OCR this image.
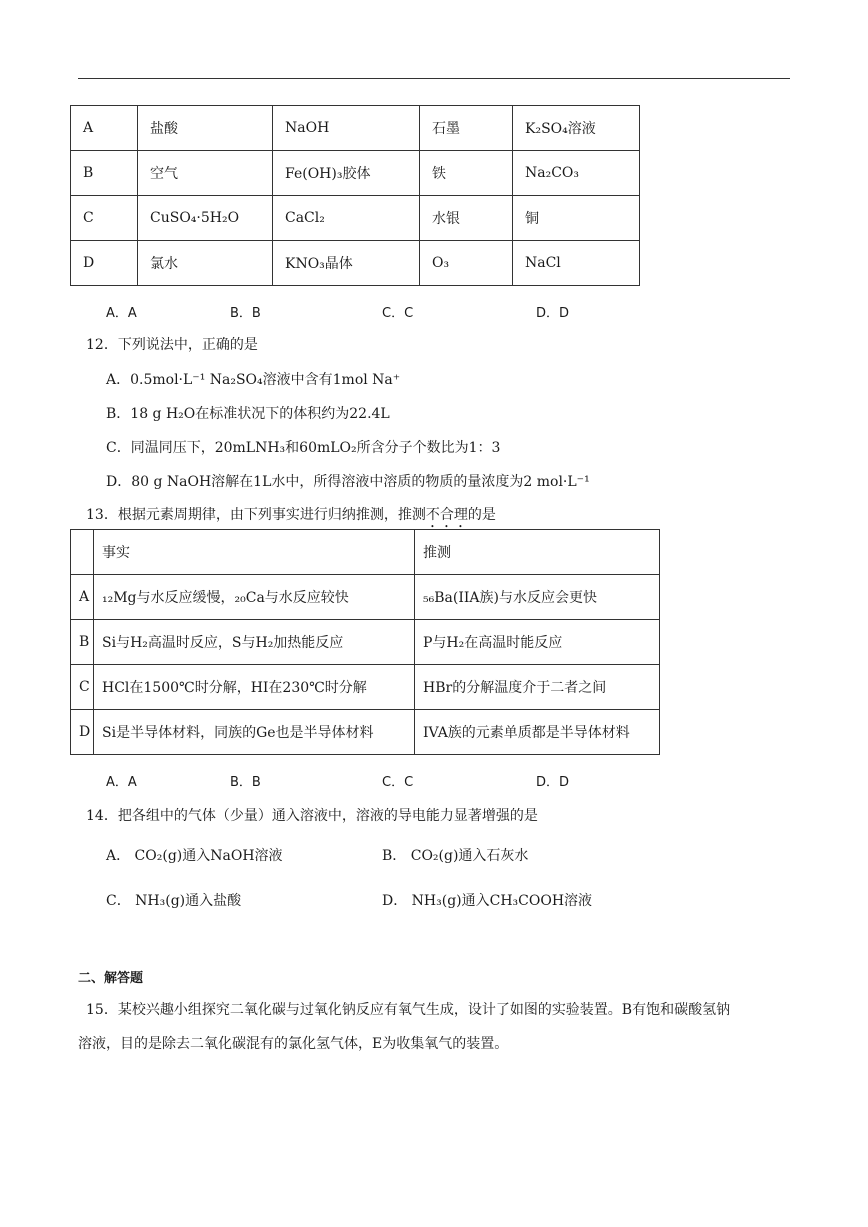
A	盐酸	NaOH	石墨	K₂SO₄溶液
B	空气	Fe(OH)₃胶体	铁	Na₂CO₃
C	CuSO₄·5H₂O	CaCl₂	水银	铜
D	氯水	KNO₃晶体	O₃	NaCl
A．A	B．B	C．C	D．D
12．下列说法中，正确的是
A．0.5mol·L⁻¹ Na₂SO₄溶液中含有1mol Na⁺
B．18 g H₂O在标准状况下的体积约为22.4L
C．同温同压下，20mLNH₃和60mLO₂所含分子个数比为1：3
D．80 g NaOH溶解在1L水中，所得溶液中溶质的物质的量浓度为2 mol·L⁻¹
13．根据元素周期律，由下列事实进行归纳推测，推测不合理的是
	事实	推测
A	₁₂Mg与水反应缓慢，₂₀Ca与水反应较快	₅₆Ba(IIA族)与水反应会更快
B	Si与H₂高温时反应，S与H₂加热能反应	P与H₂在高温时能反应
C	HCl在1500℃时分解，HI在230℃时分解	HBr的分解温度介于二者之间
D	Si是半导体材料，同族的Ge也是半导体材料	IVA族的元素单质都是半导体材料
A．A	B．B	C．C	D．D
14．把各组中的气体（少量）通入溶液中，溶液的导电能力显著增强的是
A． CO₂(g)通入NaOH溶液	B． CO₂(g)通入石灰水
C． NH₃(g)通入盐酸	D． NH₃(g)通入CH₃COOH溶液
二、解答题
15．某校兴趣小组探究二氧化碳与过氧化钠反应有氧气生成，设计了如图的实验装置。B有饱和碳酸氢钠
溶液，目的是除去二氧化碳混有的氯化氢气体，E为收集氧气的装置。
